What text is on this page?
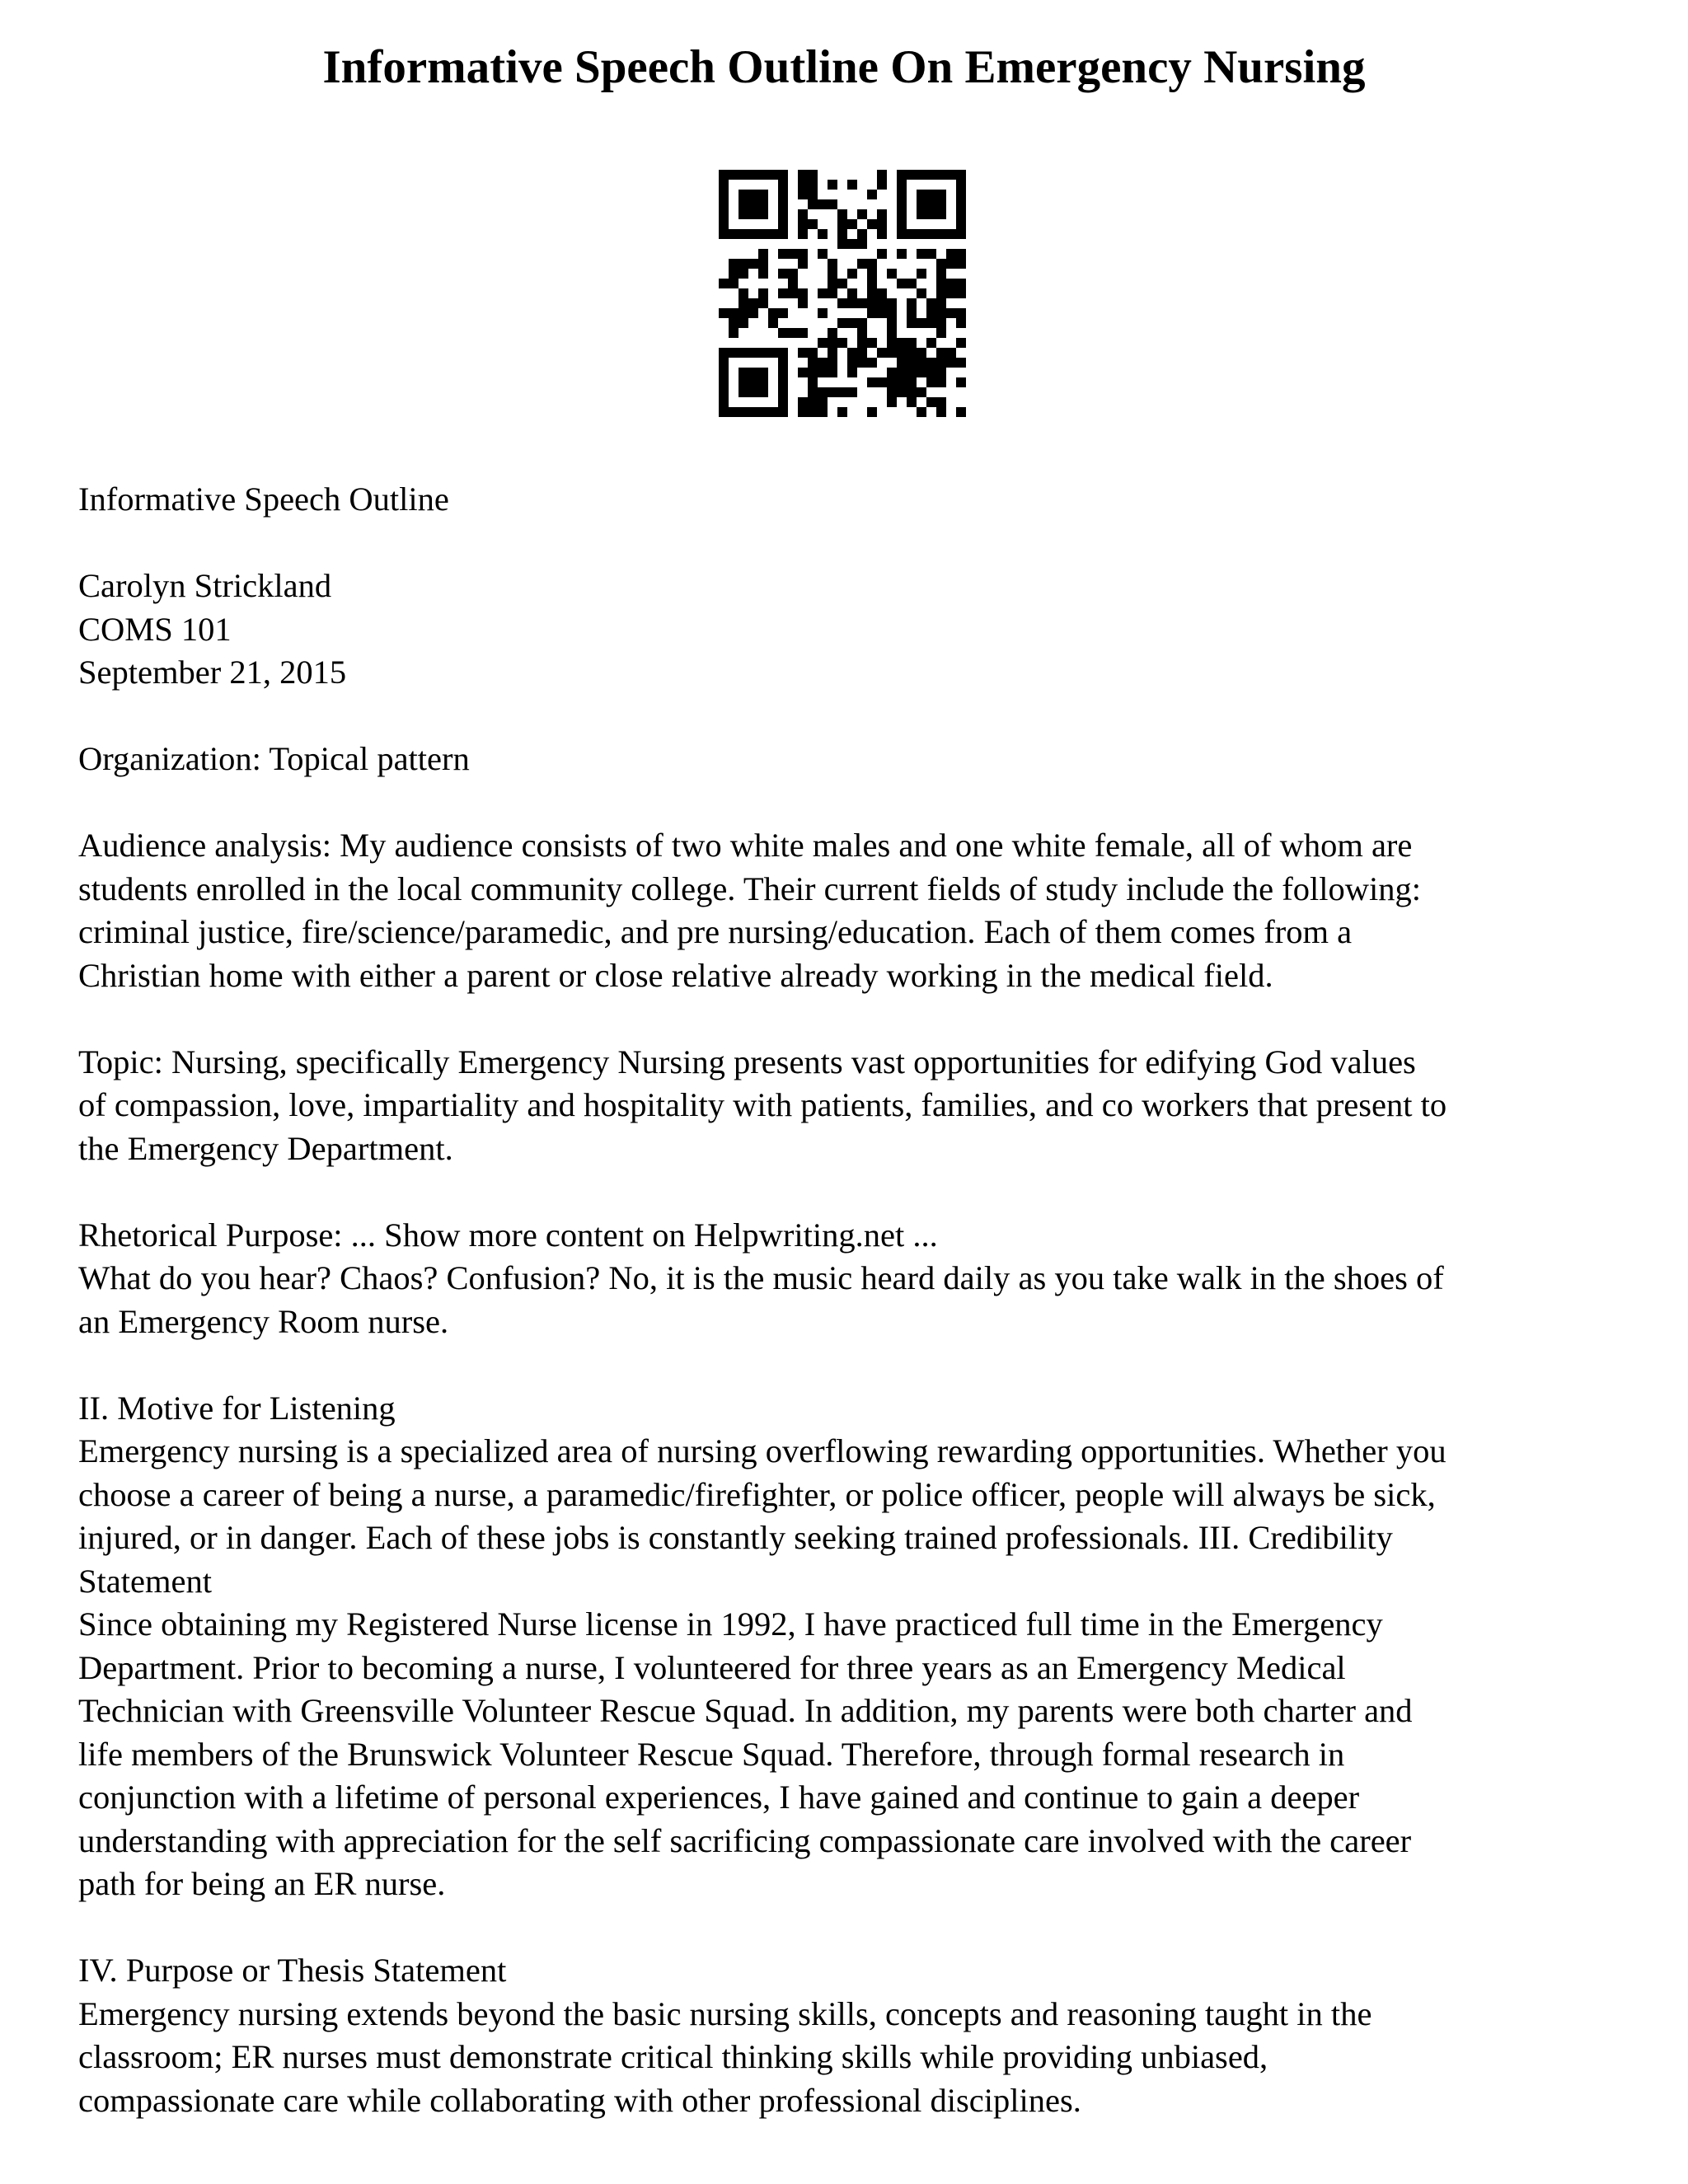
Informative Speech Outline On Emergency Nursing

Informative Speech Outline

Carolyn Strickland

COMS 101

September 21, 2015

Organization: Topical pattern

Audience analysis: My audience consists of two white males and one white female, all of whom are
students enrolled in the local community college. Their current fields of study include the following:
criminal justice, fire/science/paramedic, and pre nursing/education. Each of them comes from a
Christian home with either a parent or close relative already working in the medical field.

Topic: Nursing, specifically Emergency Nursing presents vast opportunities for edifying God values
of compassion, love, impartiality and hospitality with patients, families, and co workers that present to
the Emergency Department.

Rhetorical Purpose: ... Show more content on Helpwriting.net ...

What do you hear? Chaos? Confusion? No, it is the music heard daily as you take walk in the shoes of
an Emergency Room nurse.

II. Motive for Listening

Emergency nursing is a specialized area of nursing overflowing rewarding opportunities. Whether you
choose a career of being a nurse, a paramedic/firefighter, or police officer, people will always be sick,
injured, or in danger. Each of these jobs is constantly seeking trained professionals. III. Credibility
Statement

Since obtaining my Registered Nurse license in 1992, I have practiced full time in the Emergency
Department. Prior to becoming a nurse, I volunteered for three years as an Emergency Medical
Technician with Greensville Volunteer Rescue Squad. In addition, my parents were both charter and
life members of the Brunswick Volunteer Rescue Squad. Therefore, through formal research in
conjunction with a lifetime of personal experiences, I have gained and continue to gain a deeper
understanding with appreciation for the self sacrificing compassionate care involved with the career
path for being an ER nurse.

IV. Purpose or Thesis Statement

Emergency nursing extends beyond the basic nursing skills, concepts and reasoning taught in the
classroom; ER nurses must demonstrate critical thinking skills while providing unbiased,
compassionate care while collaborating with other professional disciplines.
